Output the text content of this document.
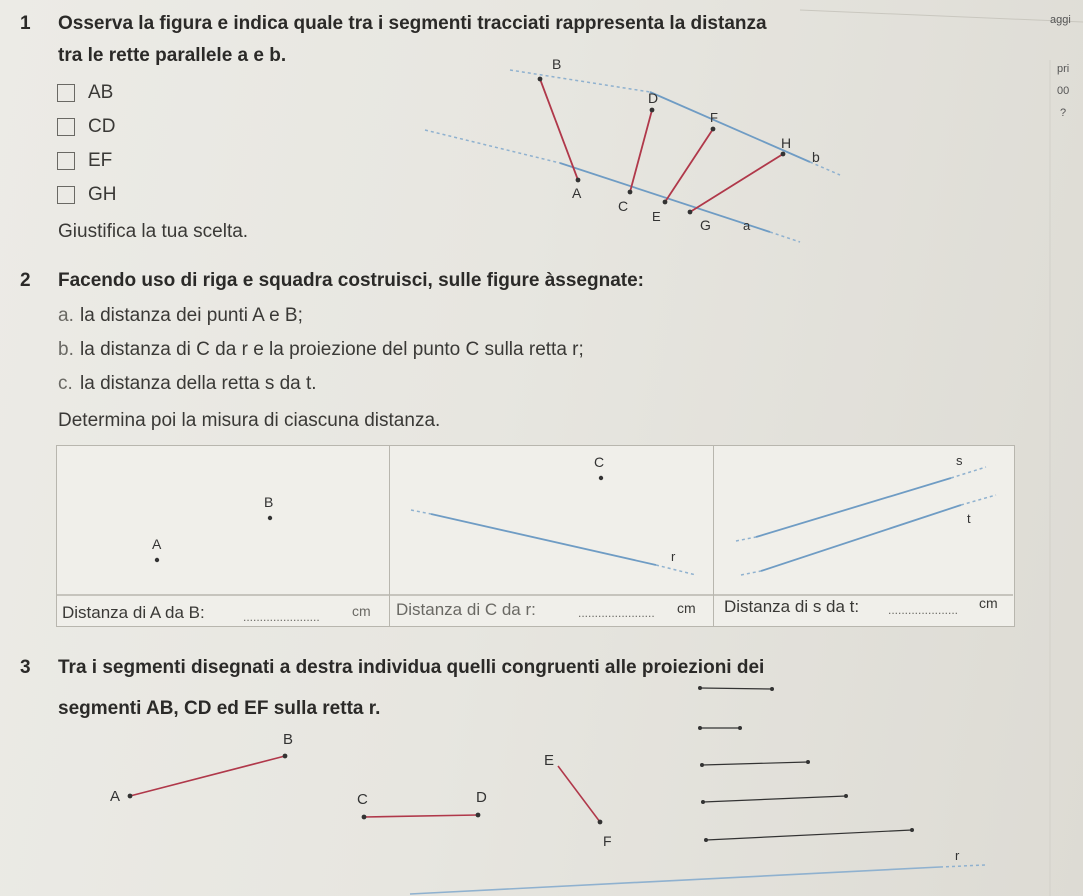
aggi
pri
00
?
1 Osserva la figura e indica quale tra i segmenti tracciati rappresenta la distanza
tra le rette parallele a e b.
AB
CD
EF
GH
Giustifica la tua scelta.
B
D
F
H
b
A
C
E
G a
2 Facendo uso di riga e squadra costruisci, sulle figure àssegnate:
a. la distanza dei punti A e B;
b. la distanza di C da r e la proiezione del punto C sulla retta r;
c. la distanza della retta s da t.
Determina poi la misura di ciascuna distanza.
B
A
C
r
s
t
Distanza di A da B:	....................... cm Distanza di C da r:	....................... cm Distanza di s da t: ..................... cm
3 Tra i segmenti disegnati a destra individua quelli congruenti alle proiezioni dei
segmenti AB, CD ed EF sulla retta r.
A
B
C	D
E
F
r
